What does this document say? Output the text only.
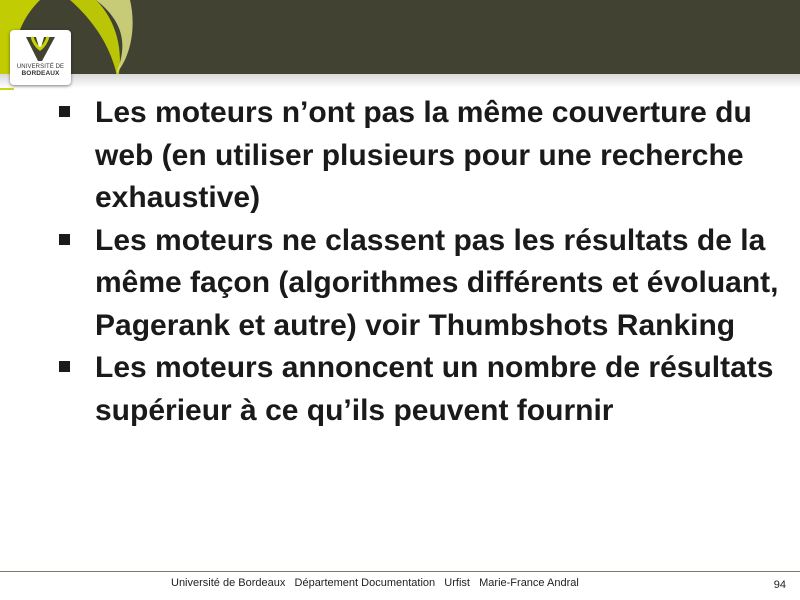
UNIVERSITÉ DE
BORDEAUX
Les moteurs n’ont pas la même couverture du web (en utiliser plusieurs pour une recherche exhaustive)
Les moteurs ne classent pas les résultats de la même façon (algorithmes différents et évoluant, Pagerank et autre) voir Thumbshots Ranking
Les moteurs annoncent un nombre de résultats supérieur à ce qu’ils peuvent fournir
Université de Bordeaux   Département Documentation   Urfist   Marie-France Andral	94
